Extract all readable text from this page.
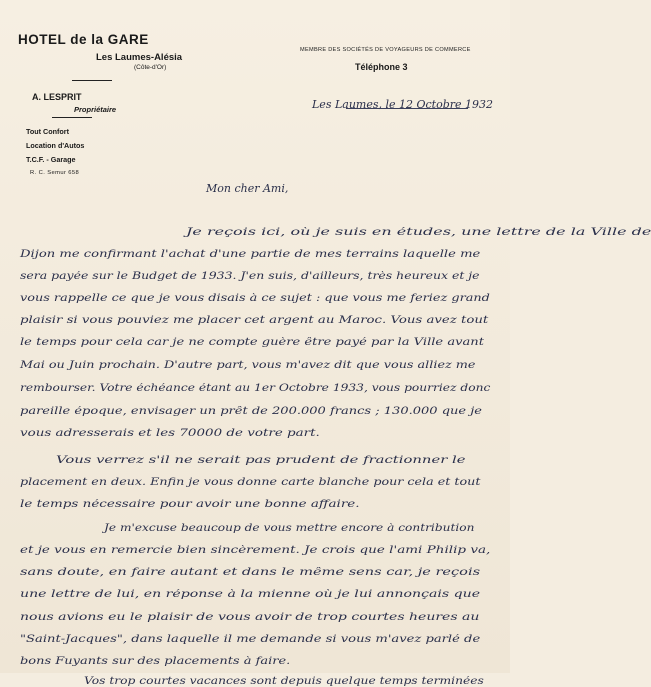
HOTEL de la GARE
Les Laumes-Alésia
(Côte-d'Or)
A. LESPRIT
Propriétaire
Tout Confort
Location d'Autos
T.C.F. - Garage
R. C. Semur 658
MEMBRE DES SOCIÉTÉS DE VOYAGEURS DE COMMERCE
Téléphone 3
Les Laumes, le 12 Octobre 1932
Mon cher Ami,
Je reçois ici, où je suis en études, une lettre de la Ville de
Dijon me confirmant l'achat d'une partie de mes terrains laquelle me
sera payée sur le Budget de 1933. J'en suis, d'ailleurs, très heureux et je
vous rappelle ce que je vous disais à ce sujet : que vous me feriez grand
plaisir si vous pouviez me placer cet argent au Maroc. Vous avez tout
le temps pour cela car je ne compte guère être payé par la Ville avant
Mai ou Juin prochain. D'autre part, vous m'avez dit que vous alliez me
rembourser. Votre échéance étant au 1er Octobre 1933, vous pourriez donc
pareille époque, envisager un prêt de 200.000 francs ; 130.000 que je
vous adresserais et les 70000 de votre part.
Vous verrez s'il ne serait pas prudent de fractionner le
placement en deux. Enfin je vous donne carte blanche pour cela et tout
le temps nécessaire pour avoir une bonne affaire.
Je m'excuse beaucoup de vous mettre encore à contribution
et je vous en remercie bien sincèrement. Je crois que l'ami Philip va,
sans doute, en faire autant et dans le même sens car, je reçois
une lettre de lui, en réponse à la mienne où je lui annonçais que
nous avions eu le plaisir de vous avoir de trop courtes heures au
"Saint-Jacques", dans laquelle il me demande si vous m'avez parlé de
bons Fuyants sur des placements à faire.
Vos trop courtes vacances sont depuis quelque temps terminées
